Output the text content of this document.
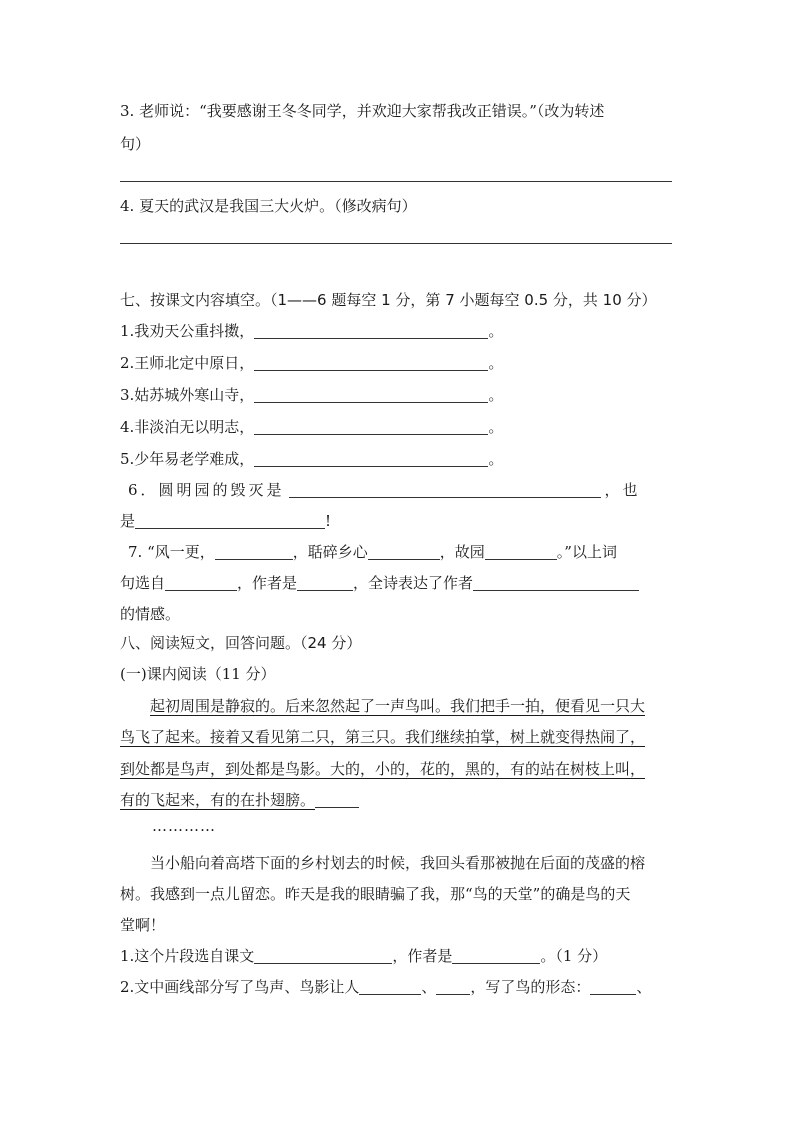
3. 老师说：“我要感谢王冬冬同学，并欢迎大家帮我改正错误。”（改为转述
句）
4. 夏天的武汉是我国三大火炉。（修改病句）
七、按课文内容填空。（1——6 题每空 1 分，第 7 小题每空 0.5 分，共 10 分）
1.我劝天公重抖擞，	。
2.王师北定中原日，	。
3.姑苏城外寒山寺，	。
4.非淡泊无以明志，	。
5.少年易老学难成，	。
6．圆明园的毁灭是	，也
是	!
7. “风一更，	，聒碎乡心	，故园	。”以上词
句选自	，作者是	，全诗表达了作者
的情感。
八、阅读短文，回答问题。（24 分）
(一)课内阅读（11 分）
起初周围是静寂的。后来忽然起了一声鸟叫。我们把手一拍，便看见一只大
鸟飞了起来。接着又看见第二只，第三只。我们继续拍掌，树上就变得热闹了，
到处都是鸟声，到处都是鸟影。大的，小的，花的，黑的，有的站在树枝上叫，
有的飞起来，有的在扑翅膀。
…………
当小船向着高塔下面的乡村划去的时候，我回头看那被抛在后面的茂盛的榕
树。我感到一点儿留恋。昨天是我的眼睛骗了我，那“鸟的天堂”的确是鸟的天
堂啊！
1.这个片段选自课文	，作者是	。（1 分）
2.文中画线部分写了鸟声、鸟影让人	、 ，写了鸟的形态：	、
